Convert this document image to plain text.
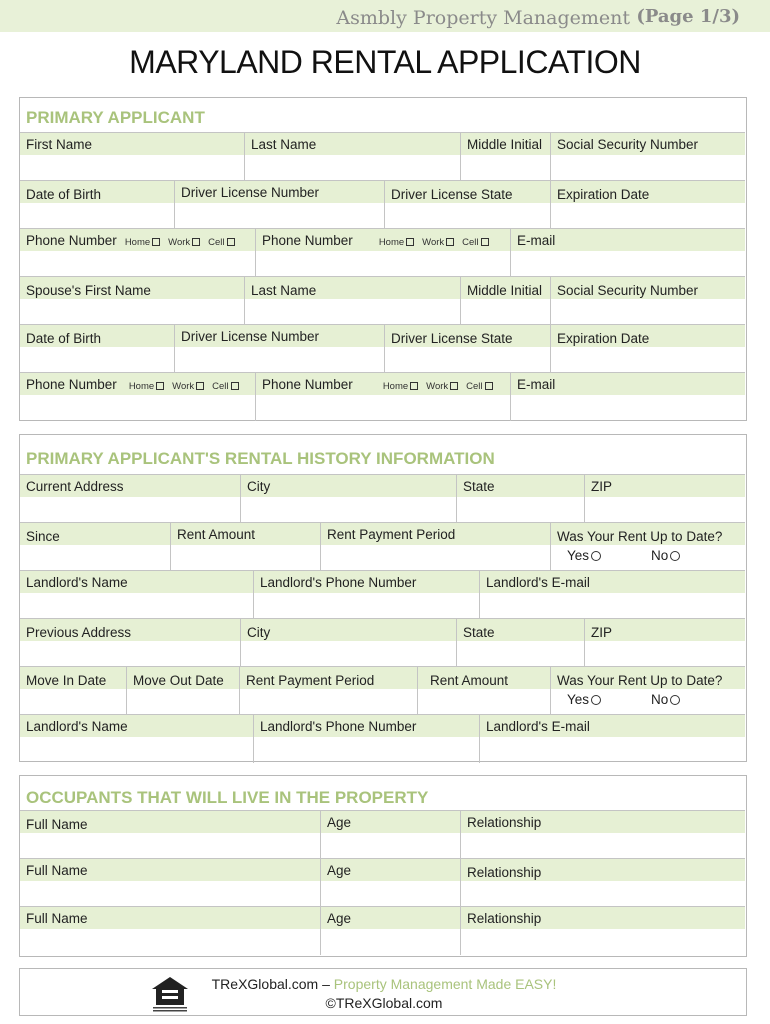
Asmbly Property Management (Page 1/3)
MARYLAND RENTAL APPLICATION
PRIMARY APPLICANT
First Name	Last Name	Middle Initial	Social Security Number
Date of Birth	Driver License Number	Driver License State	Expiration Date
Phone Number Home Work Cell	Phone Number	Home Work Cell	E-mail
Spouse's First Name	Last Name	Middle Initial	Social Security Number
Date of Birth	Driver License Number	Driver License State	Expiration Date
Phone Number Home Work Cell	Phone Number	Home Work Cell	E-mail
PRIMARY APPLICANT'S RENTAL HISTORY INFORMATION
Current Address	City	State	ZIP
Since	Rent Amount	Rent Payment Period	Was Your Rent Up to Date?
Yes	No
Landlord's Name	Landlord's Phone Number	Landlord's E-mail
Previous Address	City	State	ZIP
Move In Date	Move Out Date	Rent Payment Period	Rent Amount	Was Your Rent Up to Date?
Yes	No
Landlord's Name	Landlord's Phone Number	Landlord's E-mail
OCCUPANTS THAT WILL LIVE IN THE PROPERTY
Full Name	Age	Relationship
Full Name	Age	Relationship
Full Name	Age	Relationship
TReXGlobal.com – Property Management Made EASY!
©TReXGlobal.com
